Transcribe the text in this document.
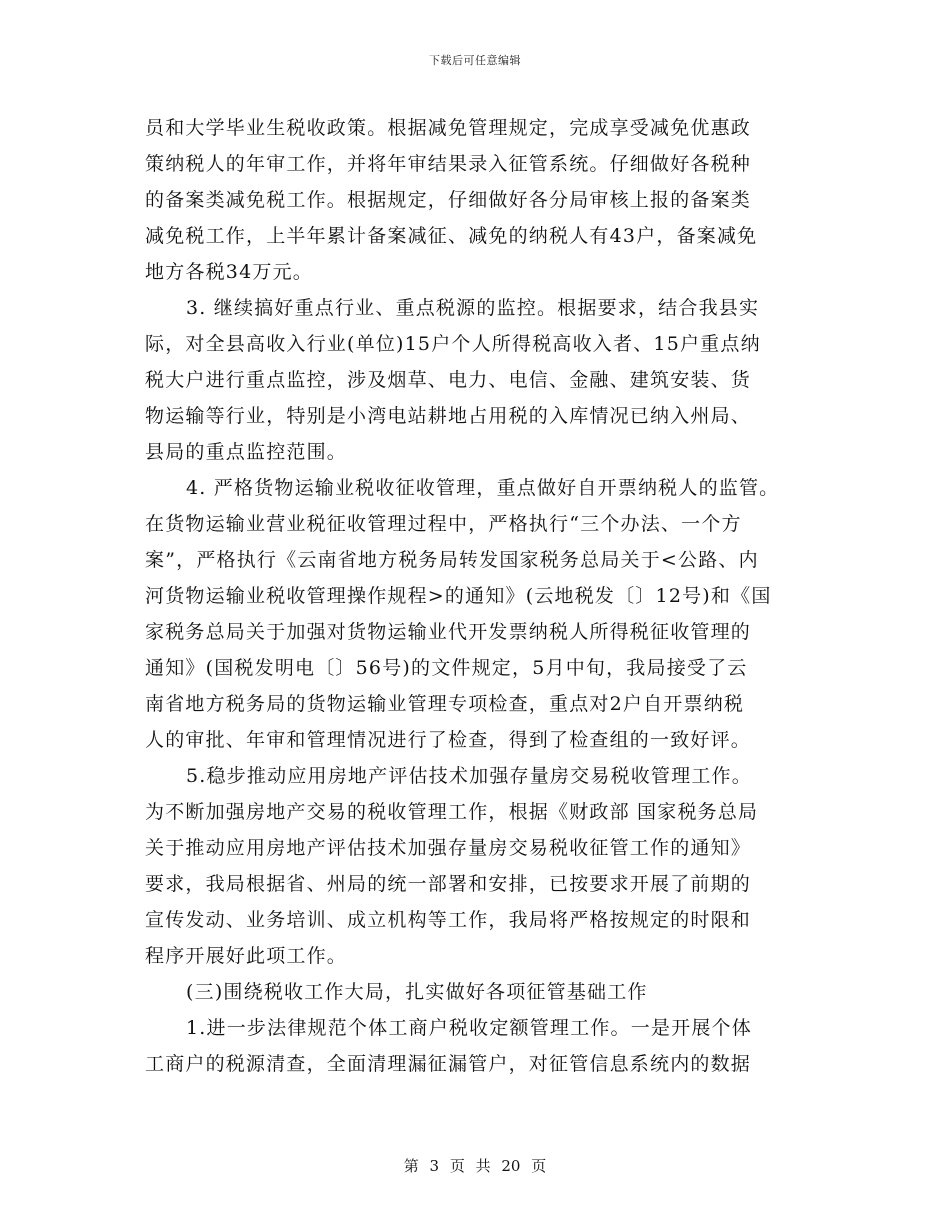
下载后可任意编辑
员和大学毕业生税收政策。根据减免管理规定，完成享受减免优惠政
策纳税人的年审工作，并将年审结果录入征管系统。仔细做好各税种
的备案类减免税工作。根据规定，仔细做好各分局审核上报的备案类
减免税工作，上半年累计备案减征、减免的纳税人有43户，备案减免
地方各税34万元。
3. 继续搞好重点行业、重点税源的监控。根据要求，结合我县实
际，对全县高收入行业(单位)15户个人所得税高收入者、15户重点纳
税大户进行重点监控，涉及烟草、电力、电信、金融、建筑安装、货
物运输等行业，特别是小湾电站耕地占用税的入库情况已纳入州局、
县局的重点监控范围。
4. 严格货物运输业税收征收管理，重点做好自开票纳税人的监管。
在货物运输业营业税征收管理过程中，严格执行“三个办法、一个方
案”，严格执行《云南省地方税务局转发国家税务总局关于<公路、内
河货物运输业税收管理操作规程>的通知》(云地税发〔〕12号)和《国
家税务总局关于加强对货物运输业代开发票纳税人所得税征收管理的
通知》(国税发明电〔〕56号)的文件规定，5月中旬，我局接受了云
南省地方税务局的货物运输业管理专项检查，重点对2户自开票纳税
人的审批、年审和管理情况进行了检查，得到了检查组的一致好评。
5.稳步推动应用房地产评估技术加强存量房交易税收管理工作。
为不断加强房地产交易的税收管理工作，根据《财政部 国家税务总局
关于推动应用房地产评估技术加强存量房交易税收征管工作的通知》
要求，我局根据省、州局的统一部署和安排，已按要求开展了前期的
宣传发动、业务培训、成立机构等工作，我局将严格按规定的时限和
程序开展好此项工作。
(三)围绕税收工作大局，扎实做好各项征管基础工作
1.进一步法律规范个体工商户税收定额管理工作。一是开展个体
工商户的税源清查，全面清理漏征漏管户，对征管信息系统内的数据
第 3 页 共 20 页
